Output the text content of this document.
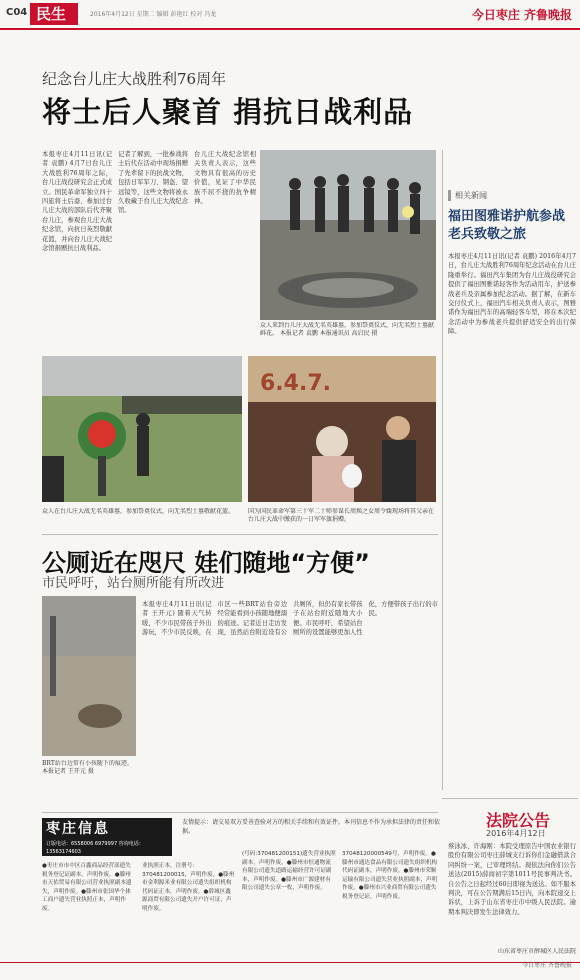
C04 民生	2016年4月12日 星期二 编辑 彭艳红 校对 冯龙	今日枣庄 齐鲁晚报
纪念台儿庄大战胜利76周年
将士后人聚首 捐抗日战利品
本报枣庄4月11日讯(记者 袁鹏) 4月7日台儿庄大战胜利76周年之际，台儿庄战役研究会正式成立。国民革命军独立四十四旅将士后裔、参加过台儿庄大战的部队后代齐聚台儿庄，参观台儿庄大战纪念馆，向抗日英烈敬献花篮，并向台儿庄大战纪念馆捐赠抗日战利品。
记者了解到，一批参战将士后代在活动中现场捐赠了先辈留下的抗战文物，包括日军军刀、钢盔、望远镜等，这些文物将被永久收藏于台儿庄大战纪念馆。
台儿庄大战纪念馆相关负责人表示，这些文物具有很高的历史价值，见证了中华民族不屈不挠的抗争精神。
众人来到台儿庄大战无名英雄墓，参加祭奠仪式，向无名烈士墓献鲜花。 本报记者 袁鹏 本报通讯员 高启民 摄
众人在台儿庄大战无名英雄墓，参加祭奠仪式，向无名烈士墓敬献花篮。
6.4.7.
国为国民革命军第三十军二十师参谋长周焕之女周令媛现场将其父亲在台儿庄大战中缴获的一日军军旗捐赠。
相关新闻
福田图雅诺护航参战老兵致敬之旅
本报枣庄4月11日讯(记者 袁鹏) 2016年4月7日，台儿庄大战胜利76周年纪念活动在台儿庄隆重举行。福田汽车集团为台儿庄战役研究会提供了福田图雅诺轻客作为活动用车，护送参战老兵及亲属参加纪念活动。据了解，在新车交付仪式上，福田汽车相关负责人表示，图雅诺作为福田汽车的高端轻客车型，将在本次纪念活动中为参战老兵提供舒适安全的出行保障。
法院公告
2016年4月12日
蔡泳冰、许海刚：本院受理原告中国农业银行股份有限公司枣庄薛城支行诉你们金融借款合同纠纷一案，已审理终结。现依法向你们公告送达(2015)薛商初字第1011号民事判决书。自公告之日起经过60日即视为送达。如不服本判决，可在公告期满后15日内，向本院递交上诉状，上诉于山东省枣庄市中级人民法院。逾期本判决即发生法律效力。
山东省枣庄市薛城区人民法院
公厕近在咫尺 娃们随地“方便”
市民呼吁，站台厕所能有所改进
BRT站台边常有小孩随下的痕迹。本报记者 王开元 摄
本报枣庄4月11日讯(记者 王开元) 随着天气转暖，不少市民带孩子外出游玩，不少市民反映，在市区一些BRT站台旁边经常能看到小孩随地便溺的痕迹。记者近日走访发现，虽然站台附近设有公共厕所，但仍有家长带孩子在站台附近随地大小便。市民呼吁，希望站台厕所的设置能够更加人性化，方便带孩子出行的市民。
枣庄信息
订版电话：6558006 6979997 咨询电话：13563174603
友情提示：请交易双方妥善查验对方的相关手续和有效证件。本刊信息不作为承担法律的责任和依据。
●枣庄市市中区百鑫商品经营部遗失税务登记证副本，声明作废。●滕州市天佑贸易有限公司营业执照副本遗失，声明作废。●滕州市张国华个体工商户遗失营业执照正本，声明作废。
业执照正本，注册号：370481200015，声明作废。●滕州市金利源米业有限公司遗失组织机构代码证正本，声明作废。●薛城区鑫源商贸有限公司遗失开户许可证，声明作废。
(号码:370481200151)遗失营业执照副本，声明作废。●滕州市恒通物流有限公司遗失道路运输经营许可证副本，声明作废。●滕州市广源建材有限公司遗失公章一枚，声明作废。
37048120000549号，声明作废。●滕州市通达食品有限公司遗失组织机构代码证副本，声明作废。●滕州市荣顺运输有限公司遗失营业执照副本，声明作废。●滕州市兴业商贸有限公司遗失税务登记证，声明作废。
今日枣庄 齐鲁晚报
